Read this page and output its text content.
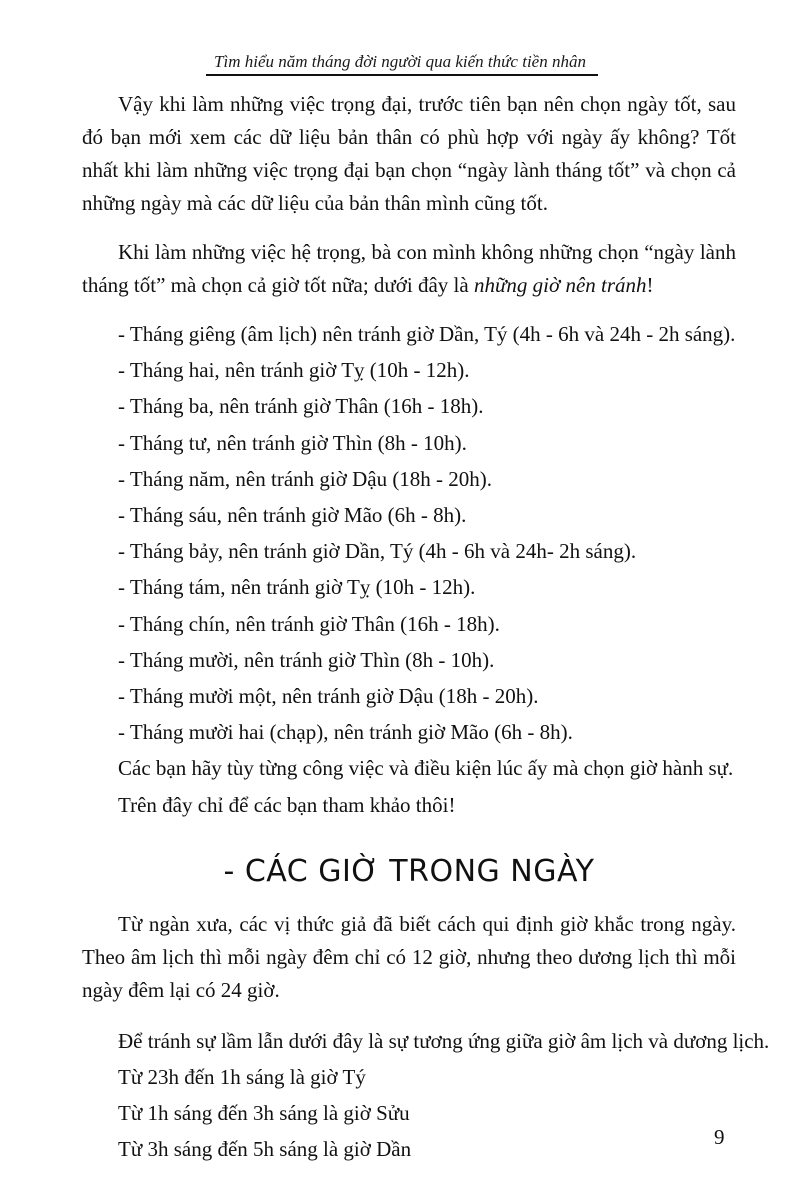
Tìm hiểu năm tháng đời người qua kiến thức tiền nhân

Vậy khi làm những việc trọng đại, trước tiên bạn nên chọn ngày tốt, sau đó bạn mới xem các dữ liệu bản thân có phù hợp với ngày ấy không? Tốt nhất khi làm những việc trọng đại bạn chọn “ngày lành tháng tốt” và chọn cả những ngày mà các dữ liệu của bản thân mình cũng tốt.

Khi làm những việc hệ trọng, bà con mình không những chọn “ngày lành tháng tốt” mà chọn cả giờ tốt nữa; dưới đây là những giờ nên tránh!

- Tháng giêng (âm lịch) nên tránh giờ Dần, Tý (4h - 6h và 24h - 2h sáng).

- Tháng hai, nên tránh giờ Tỵ (10h - 12h).

- Tháng ba, nên tránh giờ Thân (16h - 18h).

- Tháng tư, nên tránh giờ Thìn (8h - 10h).

- Tháng năm, nên tránh giờ Dậu (18h - 20h).

- Tháng sáu, nên tránh giờ Mão (6h - 8h).

- Tháng bảy, nên tránh giờ Dần, Tý (4h - 6h và 24h- 2h sáng).

- Tháng tám, nên tránh giờ Tỵ (10h - 12h).

- Tháng chín, nên tránh giờ Thân (16h - 18h).

- Tháng mười, nên tránh giờ Thìn (8h - 10h).

- Tháng mười một, nên tránh giờ Dậu (18h - 20h).

- Tháng mười hai (chạp), nên tránh giờ Mão (6h - 8h).

Các bạn hãy tùy từng công việc và điều kiện lúc ấy mà chọn giờ hành sự.

Trên đây chỉ để các bạn tham khảo thôi!

- CÁC GIỜ TRONG NGÀY

Từ ngàn xưa, các vị thức giả đã biết cách qui định giờ khắc trong ngày. Theo âm lịch thì mỗi ngày đêm chỉ có 12 giờ, nhưng theo dương lịch thì mỗi ngày đêm lại có 24 giờ.

Để tránh sự lầm lẫn dưới đây là sự tương ứng giữa giờ âm lịch và dương lịch.

Từ 23h đến 1h sáng là giờ Tý

Từ 1h sáng đến 3h sáng là giờ Sửu

Từ 3h sáng đến 5h sáng là giờ Dần

9
